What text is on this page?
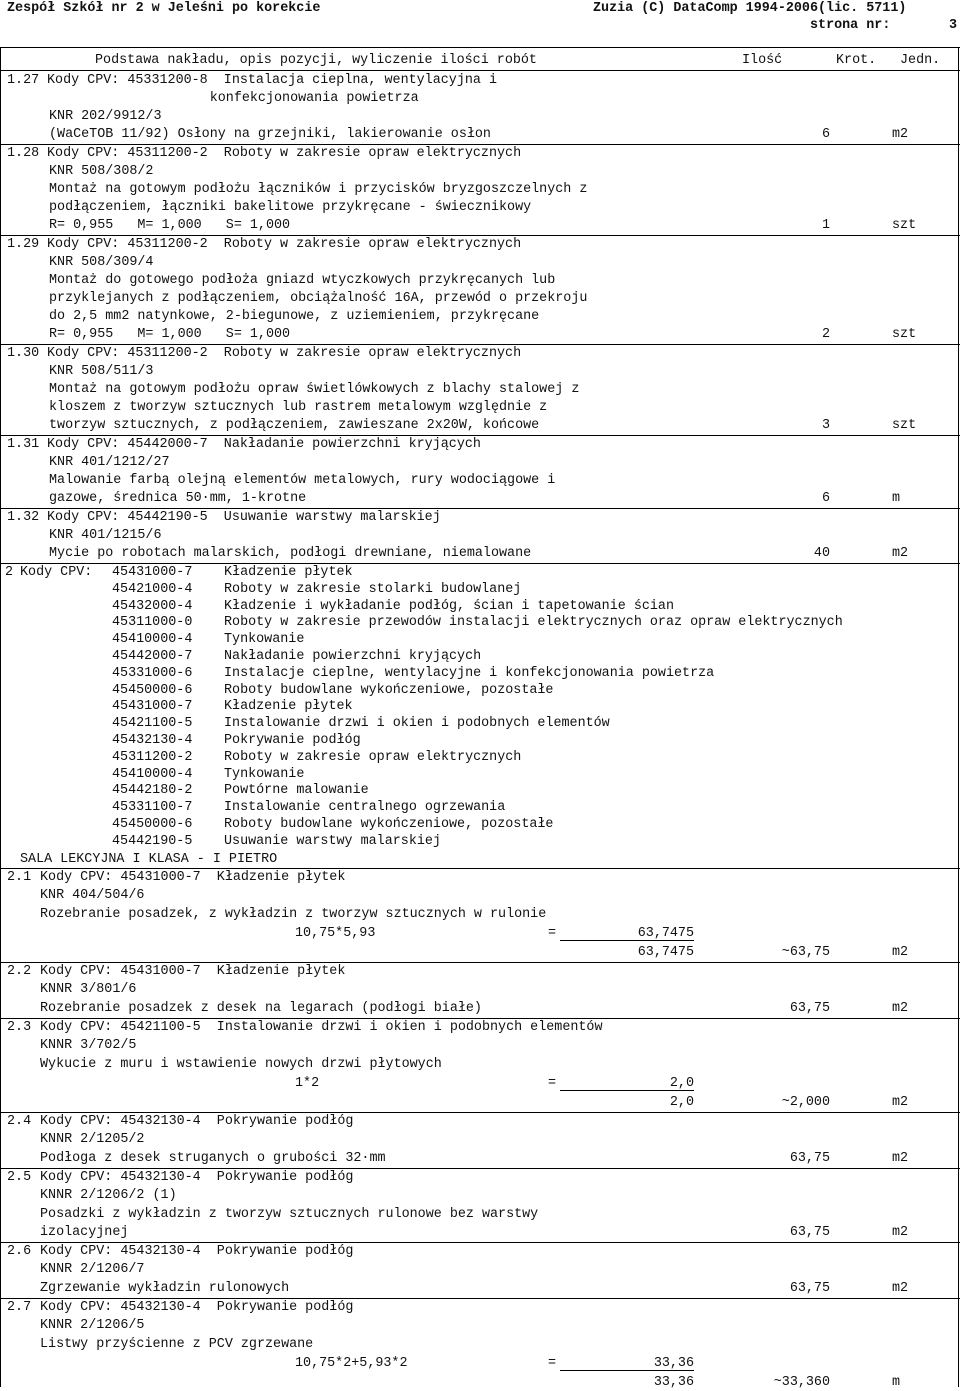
Zespół Szkół nr 2 w Jeleśni po korekcie	Zuzia (C) DataComp 1994-2006(lic. 5711)
strona nr:	3
Podstawa nakładu, opis pozycji, wyliczenie ilości robót	Ilość	Krot. Jedn.
1.27 Kody CPV: 45331200-8  Instalacja cieplna, wentylacyjna i
konfekcjonowania powietrza
KNR 202/9912/3
(WaCeTOB 11/92) Osłony na grzejniki, lakierowanie osłon	6	m2
1.28 Kody CPV: 45311200-2  Roboty w zakresie opraw elektrycznych
KNR 508/308/2
Montaż na gotowym podłożu łączników i przycisków bryzgoszczelnych z
podłączeniem, łączniki bakelitowe przykręcane - świecznikowy
R= 0,955   M= 1,000   S= 1,000	1	szt
1.29 Kody CPV: 45311200-2  Roboty w zakresie opraw elektrycznych
KNR 508/309/4
Montaż do gotowego podłoża gniazd wtyczkowych przykręcanych lub
przyklejanych z podłączeniem, obciążalność 16A, przewód o przekroju
do 2,5 mm2 natynkowe, 2-biegunowe, z uziemieniem, przykręcane
R= 0,955   M= 1,000   S= 1,000	2	szt
1.30 Kody CPV: 45311200-2  Roboty w zakresie opraw elektrycznych
KNR 508/511/3
Montaż na gotowym podłożu opraw świetlówkowych z blachy stalowej z
kloszem z tworzyw sztucznych lub rastrem metalowym względnie z
tworzyw sztucznych, z podłączeniem, zawieszane 2x20W, końcowe	3	szt
1.31 Kody CPV: 45442000-7  Nakładanie powierzchni kryjących
KNR 401/1212/27
Malowanie farbą olejną elementów metalowych, rury wodociągowe i
gazowe, średnica 50·mm, 1-krotne	6	m
1.32 Kody CPV: 45442190-5  Usuwanie warstwy malarskiej
KNR 401/1215/6
Mycie po robotach malarskich, podłogi drewniane, niemalowane	40	m2
2 Kody CPV: 45431000-7 Kładzenie płytek
45421000-4 Roboty w zakresie stolarki budowlanej
45432000-4 Kładzenie i wykładanie podłóg, ścian i tapetowanie ścian
45311000-0 Roboty w zakresie przewodów instalacji elektrycznych oraz opraw elektrycznych
45410000-4 Tynkowanie
45442000-7 Nakładanie powierzchni kryjących
45331000-6 Instalacje cieplne, wentylacyjne i konfekcjonowania powietrza
45450000-6 Roboty budowlane wykończeniowe, pozostałe
45431000-7 Kładzenie płytek
45421100-5 Instalowanie drzwi i okien i podobnych elementów
45432130-4 Pokrywanie podłóg
45311200-2 Roboty w zakresie opraw elektrycznych
45410000-4 Tynkowanie
45442180-2 Powtórne malowanie
45331100-7 Instalowanie centralnego ogrzewania
45450000-6 Roboty budowlane wykończeniowe, pozostałe
45442190-5 Usuwanie warstwy malarskiej
SALA LEKCYJNA I KLASA - I PIETRO
2.1 Kody CPV: 45431000-7  Kładzenie płytek
KNR 404/504/6
Rozebranie posadzek, z wykładzin z tworzyw sztucznych w rulonie
10,75*5,93	=	63,7475
63,7475	~63,75	m2
2.2 Kody CPV: 45431000-7  Kładzenie płytek
KNNR 3/801/6
Rozebranie posadzek z desek na legarach (podłogi białe)	63,75	m2
2.3 Kody CPV: 45421100-5  Instalowanie drzwi i okien i podobnych elementów
KNNR 3/702/5
Wykucie z muru i wstawienie nowych drzwi płytowych
1*2	=	2,0
2,0	~2,000	m2
2.4 Kody CPV: 45432130-4  Pokrywanie podłóg
KNNR 2/1205/2
Podłoga z desek struganych o grubości 32·mm	63,75	m2
2.5 Kody CPV: 45432130-4  Pokrywanie podłóg
KNNR 2/1206/2 (1)
Posadzki z wykładzin z tworzyw sztucznych rulonowe bez warstwy
izolacyjnej	63,75	m2
2.6 Kody CPV: 45432130-4  Pokrywanie podłóg
KNNR 2/1206/7
Zgrzewanie wykładzin rulonowych	63,75	m2
2.7 Kody CPV: 45432130-4  Pokrywanie podłóg
KNNR 2/1206/5
Listwy przyścienne z PCV zgrzewane
10,75*2+5,93*2	=	33,36
33,36	~33,360	m
